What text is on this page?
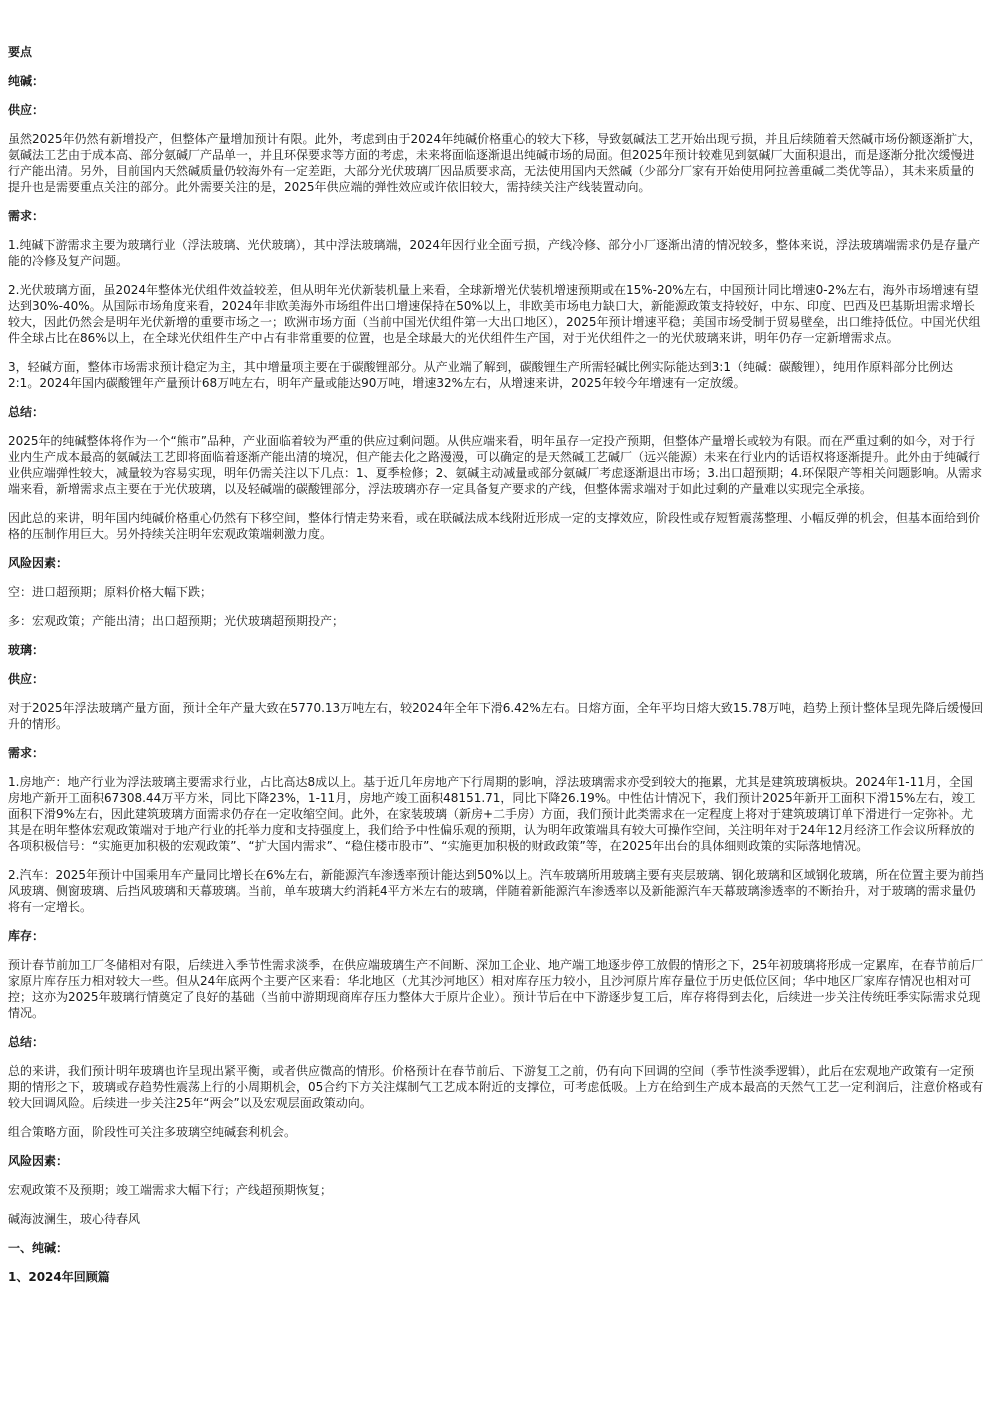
要点

纯碱：

供应：

虽然2025年仍然有新增投产，但整体产量增加预计有限。此外，考虑到由于2024年纯碱价格重心的较大下移，导致氨碱法工艺开始出现亏损，并且后续随着天然碱市场份额逐渐扩大，氨碱法工艺由于成本高、部分氨碱厂产品单一，并且环保要求等方面的考虑，未来将面临逐渐退出纯碱市场的局面。但2025年预计较难见到氨碱厂大面积退出，而是逐渐分批次缓慢进行产能出清。另外，目前国内天然碱质量仍较海外有一定差距，大部分光伏玻璃厂因品质要求高，无法使用国内天然碱（少部分厂家有开始使用阿拉善重碱二类优等品），其未来质量的提升也是需要重点关注的部分。此外需要关注的是，2025年供应端的弹性效应或许依旧较大，需持续关注产线装置动向。

需求：

1.纯碱下游需求主要为玻璃行业（浮法玻璃、光伏玻璃），其中浮法玻璃端，2024年因行业全面亏损，产线冷修、部分小厂逐渐出清的情况较多，整体来说，浮法玻璃端需求仍是存量产能的冷修及复产问题。

2.光伏玻璃方面，虽2024年整体光伏组件效益较差，但从明年光伏新装机量上来看，全球新增光伏装机增速预期或在15%-20%左右，中国预计同比增速0-2%左右，海外市场增速有望达到30%-40%。从国际市场角度来看，2024年非欧美海外市场组件出口增速保持在50%以上，非欧美市场电力缺口大，新能源政策支持较好，中东、印度、巴西及巴基斯坦需求增长较大，因此仍然会是明年光伏新增的重要市场之一；欧洲市场方面（当前中国光伏组件第一大出口地区），2025年预计增速平稳；美国市场受制于贸易壁垒，出口维持低位。中国光伏组件全球占比在86%以上，在全球光伏组件生产中占有非常重要的位置，也是全球最大的光伏组件生产国，对于光伏组件之一的光伏玻璃来讲，明年仍存一定新增需求点。

3，轻碱方面，整体市场需求预计稳定为主，其中增量项主要在于碳酸锂部分。从产业端了解到，碳酸锂生产所需轻碱比例实际能达到3:1（纯碱：碳酸锂），纯用作原料部分比例达2:1。2024年国内碳酸锂年产量预计68万吨左右，明年产量或能达90万吨，增速32%左右，从增速来讲，2025年较今年增速有一定放缓。

总结：

2025年的纯碱整体将作为一个“熊市”品种，产业面临着较为严重的供应过剩问题。从供应端来看，明年虽存一定投产预期，但整体产量增长或较为有限。而在严重过剩的如今，对于行业内生产成本最高的氨碱法工艺即将面临着逐渐产能出清的境况，但产能去化之路漫漫，可以确定的是天然碱工艺碱厂（远兴能源）未来在行业内的话语权将逐渐提升。此外由于纯碱行业供应端弹性较大，减量较为容易实现，明年仍需关注以下几点：1、夏季检修；2、氨碱主动减量或部分氨碱厂考虑逐渐退出市场；3.出口超预期；4.环保限产等相关问题影响。从需求端来看，新增需求点主要在于光伏玻璃，以及轻碱端的碳酸锂部分，浮法玻璃亦存一定具备复产要求的产线，但整体需求端对于如此过剩的产量难以实现完全承接。

因此总的来讲，明年国内纯碱价格重心仍然有下移空间，整体行情走势来看，或在联碱法成本线附近形成一定的支撑效应，阶段性或存短暂震荡整理、小幅反弹的机会，但基本面给到价格的压制作用巨大。另外持续关注明年宏观政策端刺激力度。

风险因素：

空：进口超预期；原料价格大幅下跌；

多：宏观政策；产能出清；出口超预期；光伏玻璃超预期投产；

玻璃：

供应：

对于2025年浮法玻璃产量方面，预计全年产量大致在5770.13万吨左右，较2024年全年下滑6.42%左右。日熔方面，全年平均日熔大致15.78万吨，趋势上预计整体呈现先降后缓慢回升的情形。

需求：

1.房地产：地产行业为浮法玻璃主要需求行业，占比高达8成以上。基于近几年房地产下行周期的影响，浮法玻璃需求亦受到较大的拖累，尤其是建筑玻璃板块。2024年1-11月，全国房地产新开工面积67308.44万平方米，同比下降23%，1-11月，房地产竣工面积48151.71，同比下降26.19%。中性估计情况下，我们预计2025年新开工面积下滑15%左右，竣工面积下滑9%左右，因此建筑玻璃方面需求仍存在一定收缩空间。此外，在家装玻璃（新房+二手房）方面，我们预计此类需求在一定程度上将对于建筑玻璃订单下滑进行一定弥补。尤其是在明年整体宏观政策端对于地产行业的托举力度和支持强度上，我们给予中性偏乐观的预期，认为明年政策端具有较大可操作空间，关注明年对于24年12月经济工作会议所释放的各项积极信号：“实施更加积极的宏观政策”、“扩大国内需求”、“稳住楼市股市”、“实施更加积极的财政政策”等，在2025年出台的具体细则政策的实际落地情况。

2.汽车：2025年预计中国乘用车产量同比增长在6%左右，新能源汽车渗透率预计能达到50%以上。汽车玻璃所用玻璃主要有夹层玻璃、钢化玻璃和区域钢化玻璃，所在位置主要为前挡风玻璃、侧窗玻璃、后挡风玻璃和天幕玻璃。当前，单车玻璃大约消耗4平方米左右的玻璃，伴随着新能源汽车渗透率以及新能源汽车天幕玻璃渗透率的不断抬升，对于玻璃的需求量仍将有一定增长。

库存：

预计春节前加工厂冬储相对有限，后续进入季节性需求淡季，在供应端玻璃生产不间断、深加工企业、地产端工地逐步停工放假的情形之下，25年初玻璃将形成一定累库，在春节前后厂家原片库存压力相对较大一些。但从24年底两个主要产区来看：华北地区（尤其沙河地区）相对库存压力较小，且沙河原片库存量位于历史低位区间；华中地区厂家库存情况也相对可控；这亦为2025年玻璃行情奠定了良好的基础（当前中游期现商库存压力整体大于原片企业）。预计节后在中下游逐步复工后，库存将得到去化，后续进一步关注传统旺季实际需求兑现情况。

总结：

总的来讲，我们预计明年玻璃也许呈现出紧平衡，或者供应微高的情形。价格预计在春节前后、下游复工之前，仍有向下回调的空间（季节性淡季逻辑），此后在宏观地产政策有一定预期的情形之下，玻璃或存趋势性震荡上行的小周期机会，05合约下方关注煤制气工艺成本附近的支撑位，可考虑低吸。上方在给到生产成本最高的天然气工艺一定利润后，注意价格或有较大回调风险。后续进一步关注25年“两会”以及宏观层面政策动向。

组合策略方面，阶段性可关注多玻璃空纯碱套利机会。

风险因素：

宏观政策不及预期；竣工端需求大幅下行；产线超预期恢复；

碱海波澜生，玻心待春风

一、纯碱：

1、2024年回顾篇
